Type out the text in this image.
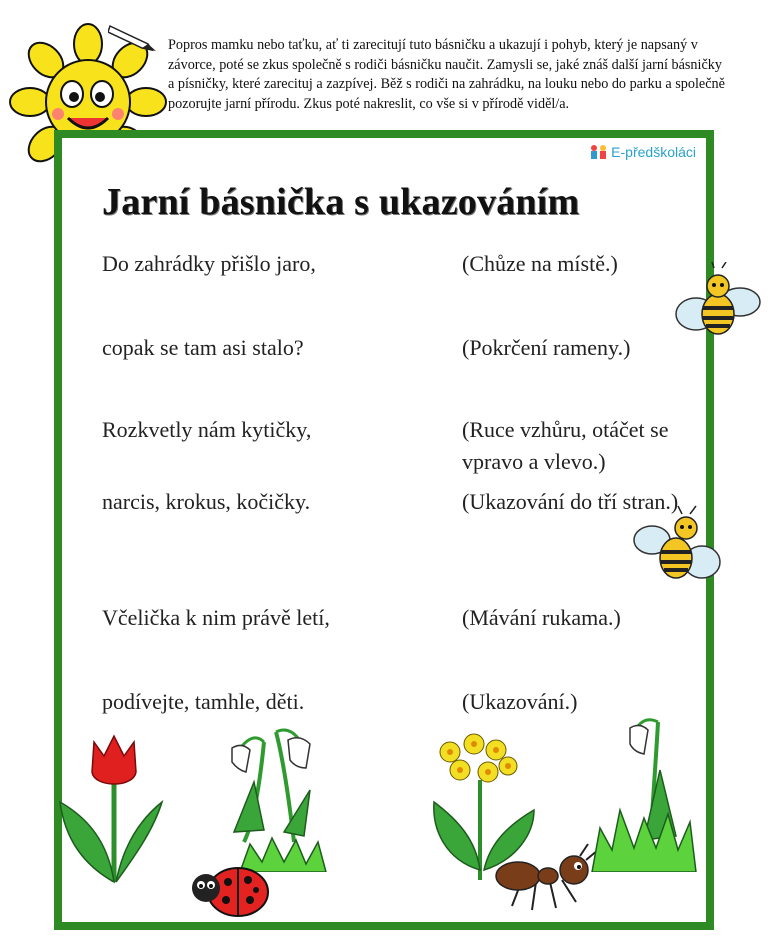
Popros mamku nebo taťku, ať ti zarecitují tuto básničku a ukazují i pohyb, který je napsaný v závorce, poté se zkus společně s rodiči básničku naučit. Zamysli se, jaké znáš další jarní básničky a písničky, které zarecituj a zazpívej. Běž s rodiči na zahrádku, na louku nebo do parku a společně pozorujte jarní přírodu. Zkus poté nakreslit, co vše si v přírodě viděl/a.
E-předškoláci
Jarní básnička s ukazováním
Do zahrádky přišlo jaro,	(Chůze na místě.)
copak se tam asi stalo?	(Pokrčení rameny.)
Rozkvetly nám kytičky,	(Ruce vzhůru, otáčet se vpravo a vlevo.)
narcis, krokus, kočičky.	(Ukazování do tří stran.)
Včelička k nim právě letí,	(Mávání rukama.)
podívejte, tamhle, děti.	(Ukazování.)
